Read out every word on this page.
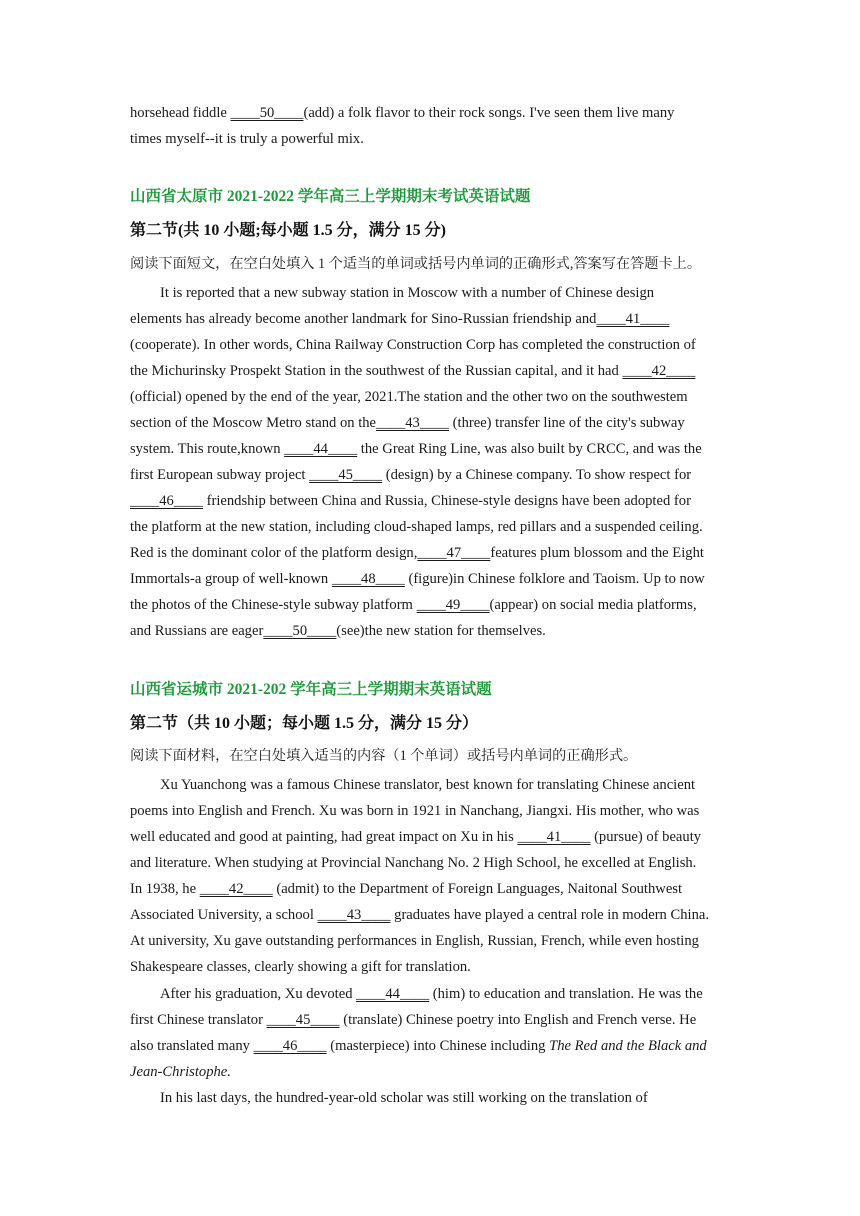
horsehead fiddle ____50____(add) a folk flavor to their rock songs. I've seen them live many
times myself--it is truly a powerful mix.
山西省太原市 2021-2022 学年高三上学期期末考试英语试题
第二节(共 10 小题;每小题 1.5 分，满分 15 分)
阅读下面短文，在空白处填入 1 个适当的单词或括号内单词的正确形式,答案写在答题卡上。
It is reported that a new subway station in Moscow with a number of Chinese design
elements has already become another landmark for Sino-Russian friendship and____41____
(cooperate). In other words, China Railway Construction Corp has completed the construction of
the Michurinsky Prospekt Station in the southwest of the Russian capital, and it had ____42____
(official) opened by the end of the year, 2021.The station and the other two on the southwestem
section of the Moscow Metro stand on the____43____ (three) transfer line of the city's subway
system. This route,known ____44____ the Great Ring Line, was also built by CRCC, and was the
first European subway project ____45____ (design) by a Chinese company. To show respect for
____46____ friendship between China and Russia, Chinese-style designs have been adopted for
the platform at the new station, including cloud-shaped lamps, red pillars and a suspended ceiling.
Red is the dominant color of the platform design,____47____features plum blossom and the Eight
Immortals-a group of well-known ____48____ (figure)in Chinese folklore and Taoism. Up to now
the photos of the Chinese-style subway platform ____49____(appear) on social media platforms,
and Russians are eager____50____(see)the new station for themselves.
山西省运城市 2021-202 学年高三上学期期末英语试题
第二节（共 10 小题；每小题 1.5 分，满分 15 分）
阅读下面材料，在空白处填入适当的内容（1 个单词）或括号内单词的正确形式。
Xu Yuanchong was a famous Chinese translator, best known for translating Chinese ancient
poems into English and French. Xu was born in 1921 in Nanchang, Jiangxi. His mother, who was
well educated and good at painting, had great impact on Xu in his ____41____ (pursue) of beauty
and literature. When studying at Provincial Nanchang No. 2 High School, he excelled at English.
In 1938, he ____42____ (admit) to the Department of Foreign Languages, Naitonal Southwest
Associated University, a school ____43____ graduates have played a central role in modern China.
At university, Xu gave outstanding performances in English, Russian, French, while even hosting
Shakespeare classes, clearly showing a gift for translation.
After his graduation, Xu devoted ____44____ (him) to education and translation. He was the
first Chinese translator ____45____ (translate) Chinese poetry into English and French verse. He
also translated many ____46____ (masterpiece) into Chinese including The Red and the Black and
Jean-Christophe.
In his last days, the hundred-year-old scholar was still working on the translation of
